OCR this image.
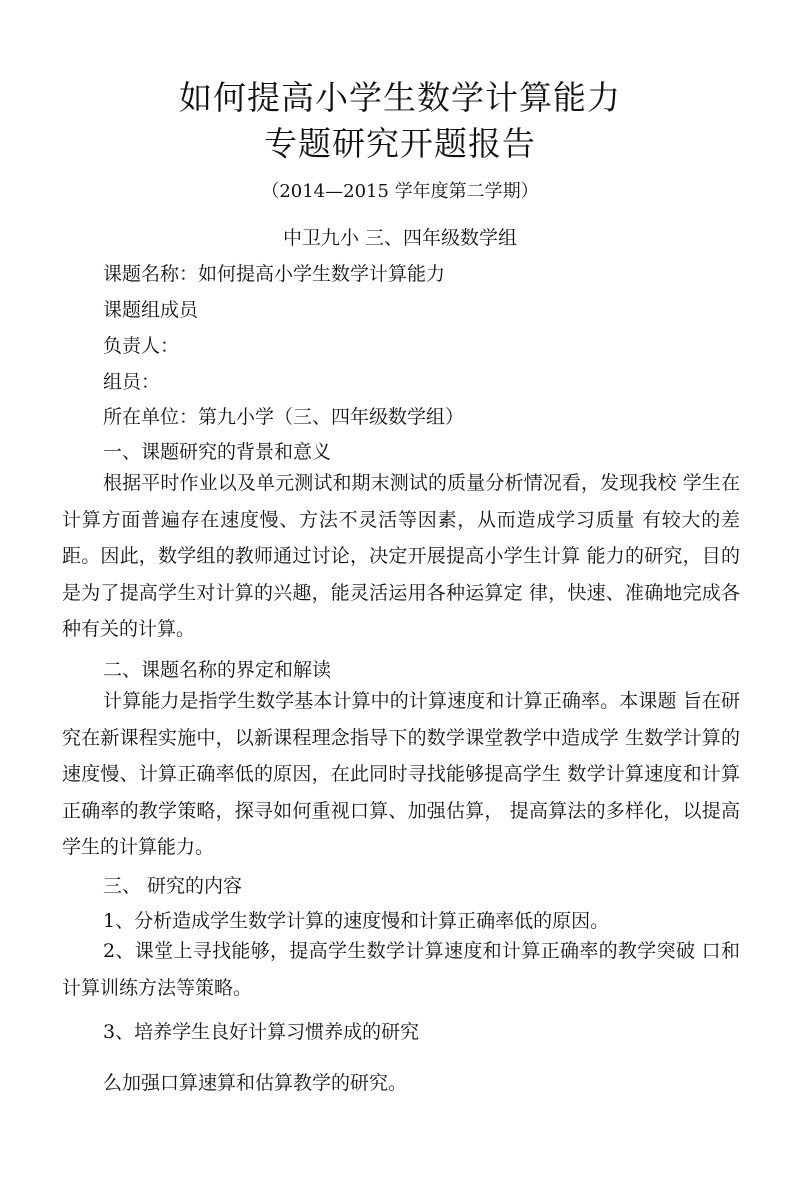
如何提高小学生数学计算能力
专题研究开题报告
（2014—2015 学年度第二学期）
中卫九小 三、四年级数学组
课题名称：如何提高小学生数学计算能力
课题组成员
负责人：
组员：
所在单位：第九小学（三、四年级数学组）
一、课题研究的背景和意义
根据平时作业以及单元测试和期末测试的质量分析情况看，发现我校 学生在计算方面普遍存在速度慢、方法不灵活等因素，从而造成学习质量 有较大的差距。因此，数学组的教师通过讨论，决定开展提高小学生计算 能力的研究，目的是为了提高学生对计算的兴趣，能灵活运用各种运算定 律，快速、准确地完成各种有关的计算。
二、课题名称的界定和解读
计算能力是指学生数学基本计算中的计算速度和计算正确率。本课题 旨在研究在新课程实施中，以新课程理念指导下的数学课堂教学中造成学 生数学计算的速度慢、计算正确率低的原因，在此同时寻找能够提高学生 数学计算速度和计算正确率的教学策略，探寻如何重视口算、加强估算， 提高算法的多样化，以提高学生的计算能力。
三、 研究的内容
1、分析造成学生数学计算的速度慢和计算正确率低的原因。
2、课堂上寻找能够，提高学生数学计算速度和计算正确率的教学突破 口和计算训练方法等策略。
3、培养学生良好计算习惯养成的研究
么加强口算速算和估算教学的研究。
